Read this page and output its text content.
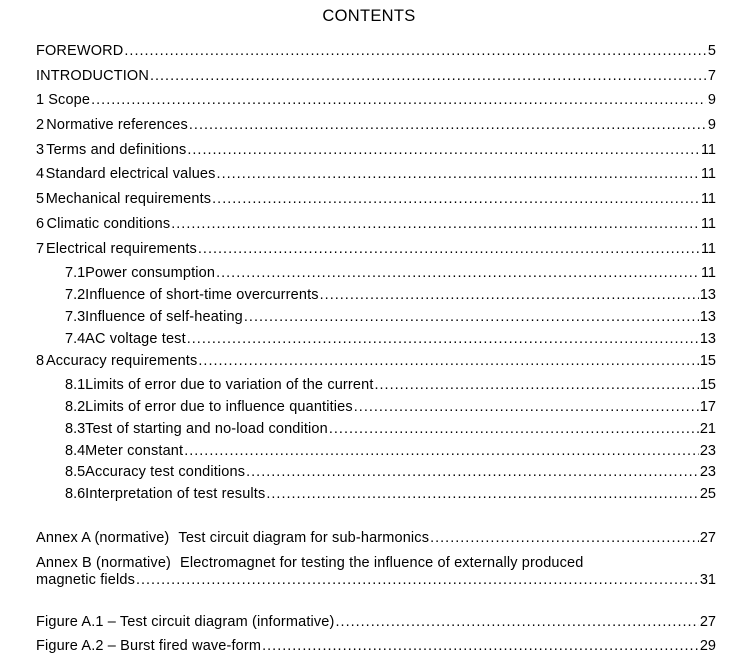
CONTENTS
FOREWORD .....	5
INTRODUCTION .....	7
1 Scope .....	9
2 Normative references .....	9
3 Terms and definitions .....	11
4 Standard electrical values .....	11
5 Mechanical requirements .....	11
6 Climatic conditions .....	11
7 Electrical requirements .....	11
7.1 Power consumption .....	11
7.2 Influence of short-time overcurrents .....	13
7.3 Influence of self-heating .....	13
7.4 AC voltage test .....	13
8 Accuracy requirements .....	15
8.1 Limits of error due to variation of the current .....	15
8.2 Limits of error due to influence quantities .....	17
8.3 Test of starting and no-load condition .....	21
8.4 Meter constant .....	23
8.5 Accuracy test conditions .....	23
8.6 Interpretation of test results .....	25
Annex A (normative) Test circuit diagram for sub-harmonics .....	27
Annex B (normative) Electromagnet for testing the influence of externally produced
magnetic fields .....	31
Figure A.1 – Test circuit diagram (informative) .....	27
Figure A.2 – Burst fired wave-form .....	29
